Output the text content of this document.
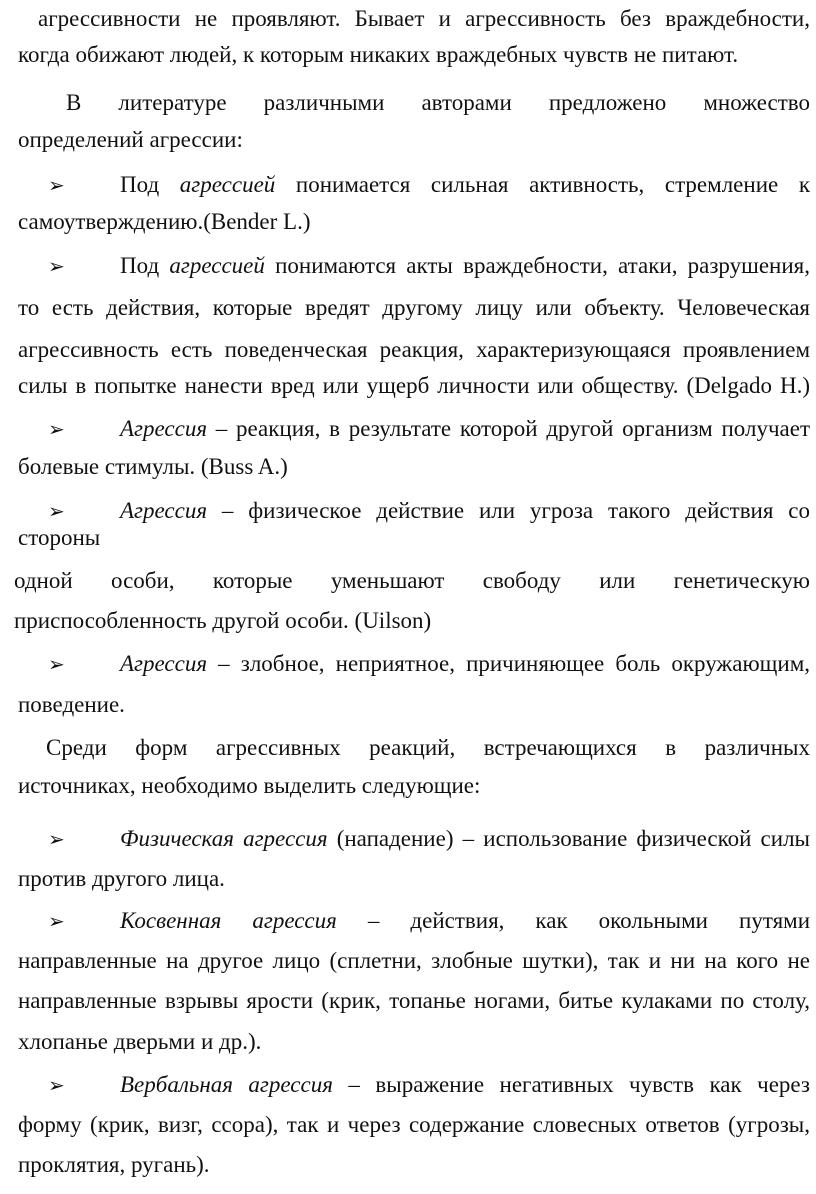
агрессивности не проявляют. Бывает и агрессивность без враждебности,
когда обижают людей, к которым никаких враждебных чувств не питают.
В литературе различными авторами предложено множество
определений агрессии:
➢ Под агрессией понимается сильная активность, стремление к
самоутверждению.(Bender L.)
➢ Под агрессией понимаются акты враждебности, атаки, разрушения,
то есть действия, которые вредят другому лицу или объекту. Человеческая
агрессивность есть поведенческая реакция, характеризующаяся проявлением
силы в попытке нанести вред или ущерб личности или обществу. (Delgado H.)
➢ Агрессия – реакция, в результате которой другой организм получает
болевые стимулы. (Buss A.)
➢ Агрессия – физическое действие или угроза такого действия со
стороны
одной особи, которые уменьшают свободу или генетическую
приспособленность другой особи. (Uilson)
➢ Агрессия – злобное, неприятное, причиняющее боль окружающим,
поведение.
Среди форм агрессивных реакций, встречающихся в различных
источниках, необходимо выделить следующие:
➢ Физическая агрессия (нападение) – использование физической силы
против другого лица.
➢ Косвенная агрессия – действия, как окольными путями
направленные на другое лицо (сплетни, злобные шутки), так и ни на кого не
направленные взрывы ярости (крик, топанье ногами, битье кулаками по столу,
хлопанье дверьми и др.).
➢ Вербальная агрессия – выражение негативных чувств как через
форму (крик, визг, ссора), так и через содержание словесных ответов (угрозы,
проклятия, ругань).
